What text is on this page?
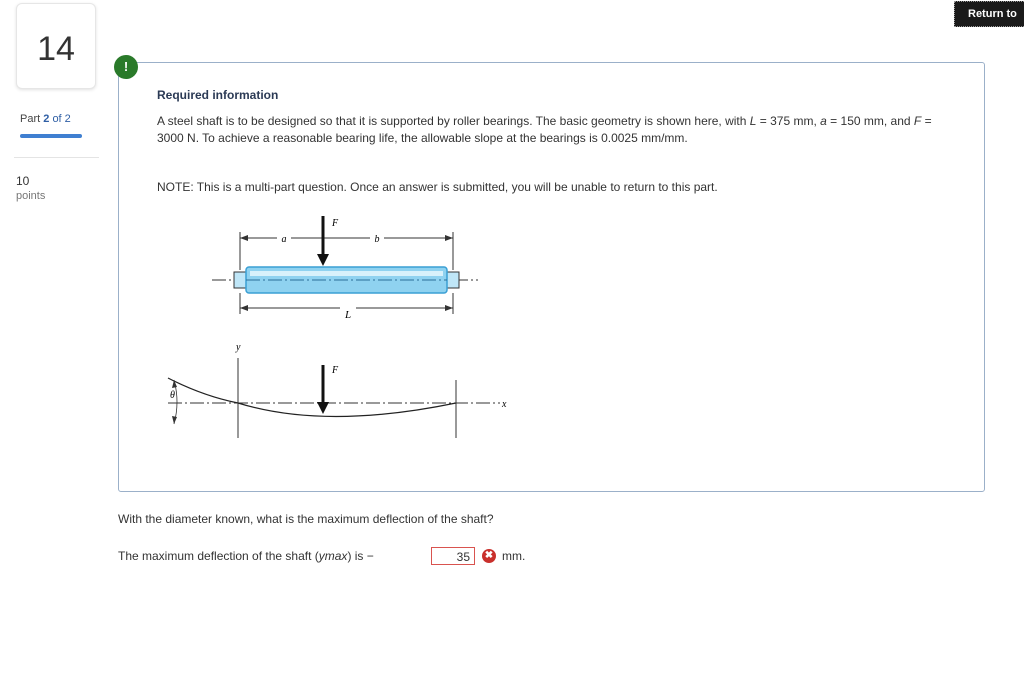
14
Part 2 of 2
10
points
Return to
!
Required information
A steel shaft is to be designed so that it is supported by roller bearings. The basic geometry is shown here, with L = 375 mm, a = 150 mm, and F = 3000 N. To achieve a reasonable bearing life, the allowable slope at the bearings is 0.0025 mm/mm.
NOTE: This is a multi-part question. Once an answer is submitted, you will be unable to return to this part.
a	b
F
L
y
x
θ
F
With the diameter known, what is the maximum deflection of the shaft?
The maximum deflection of the shaft (ymax) is −	35	✖ mm.
